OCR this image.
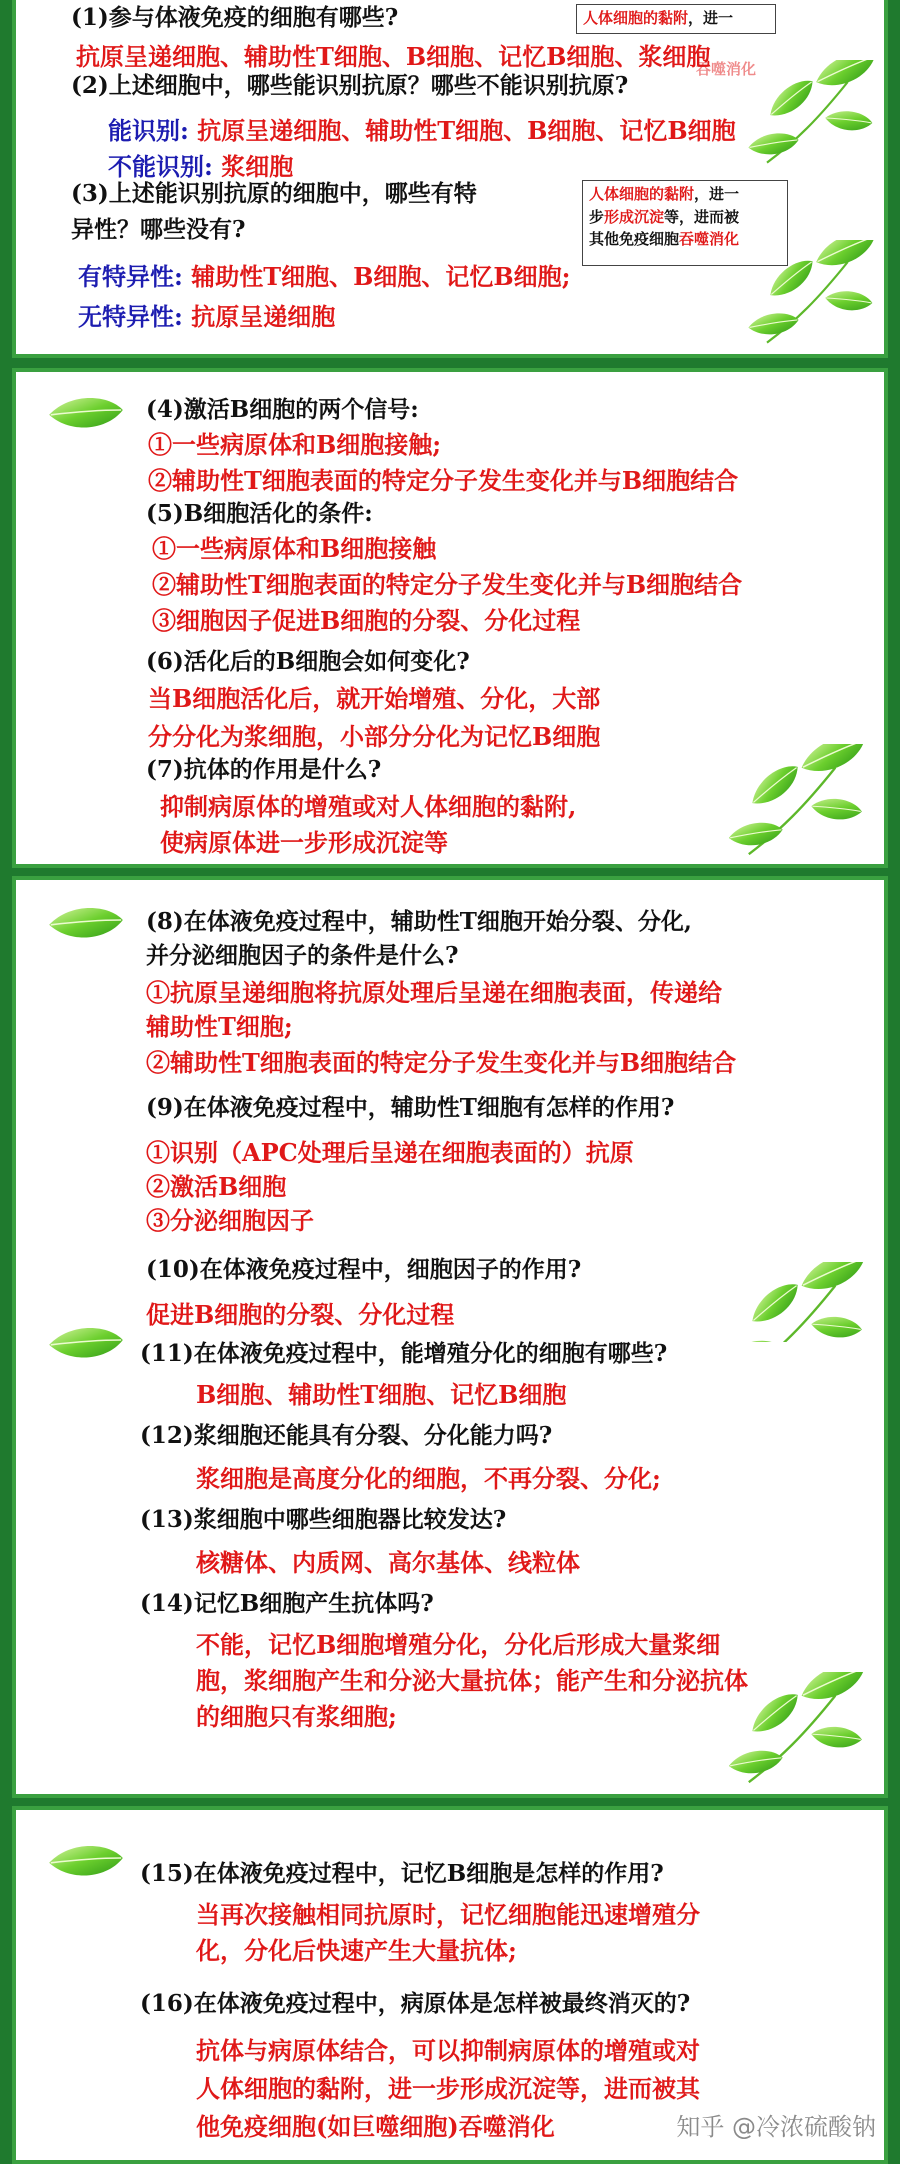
(1)参与体液免疫的细胞有哪些?

抗原呈递细胞、辅助性T细胞、B细胞、记忆B细胞、浆细胞

(2)上述细胞中，哪些能识别抗原？哪些不能识别抗原?

能识别: 抗原呈递细胞、辅助性T细胞、B细胞、记忆B细胞

不能识别: 浆细胞

(3)上述能识别抗原的细胞中，哪些有特

异性？哪些没有?

有特异性: 辅助性T细胞、B细胞、记忆B细胞;

无特异性: 抗原呈递细胞

人体细胞的黏附，进一
吞噬消化
人体细胞的黏附，进一
步形成沉淀等，进而被
其他免疫细胞吞噬消化

(4)激活B细胞的两个信号:

①一些病原体和B细胞接触;

②辅助性T细胞表面的特定分子发生变化并与B细胞结合

(5)B细胞活化的条件:

①一些病原体和B细胞接触

②辅助性T细胞表面的特定分子发生变化并与B细胞结合

③细胞因子促进B细胞的分裂、分化过程

(6)活化后的B细胞会如何变化?

当B细胞活化后，就开始增殖、分化，大部

分分化为浆细胞，小部分分化为记忆B细胞

(7)抗体的作用是什么?

抑制病原体的增殖或对人体细胞的黏附,

使病原体进一步形成沉淀等

(8)在体液免疫过程中，辅助性T细胞开始分裂、分化,

并分泌细胞因子的条件是什么?

①抗原呈递细胞将抗原处理后呈递在细胞表面，传递给

辅助性T细胞;

②辅助性T细胞表面的特定分子发生变化并与B细胞结合

(9)在体液免疫过程中，辅助性T细胞有怎样的作用?

①识别（APC处理后呈递在细胞表面的）抗原

②激活B细胞

③分泌细胞因子

(10)在体液免疫过程中，细胞因子的作用?

促进B细胞的分裂、分化过程

(11)在体液免疫过程中，能增殖分化的细胞有哪些?

B细胞、辅助性T细胞、记忆B细胞

(12)浆细胞还能具有分裂、分化能力吗?

浆细胞是高度分化的细胞，不再分裂、分化;

(13)浆细胞中哪些细胞器比较发达?

核糖体、内质网、高尔基体、线粒体

(14)记忆B细胞产生抗体吗?

不能，记忆B细胞增殖分化，分化后形成大量浆细

胞，浆细胞产生和分泌大量抗体；能产生和分泌抗体

的细胞只有浆细胞;

(15)在体液免疫过程中，记忆B细胞是怎样的作用?

当再次接触相同抗原时，记忆细胞能迅速增殖分

化，分化后快速产生大量抗体;

(16)在体液免疫过程中，病原体是怎样被最终消灭的?

抗体与病原体结合，可以抑制病原体的增殖或对

人体细胞的黏附，进一步形成沉淀等，进而被其

他免疫细胞(如巨噬细胞)吞噬消化	知乎 @冷浓硫酸钠
